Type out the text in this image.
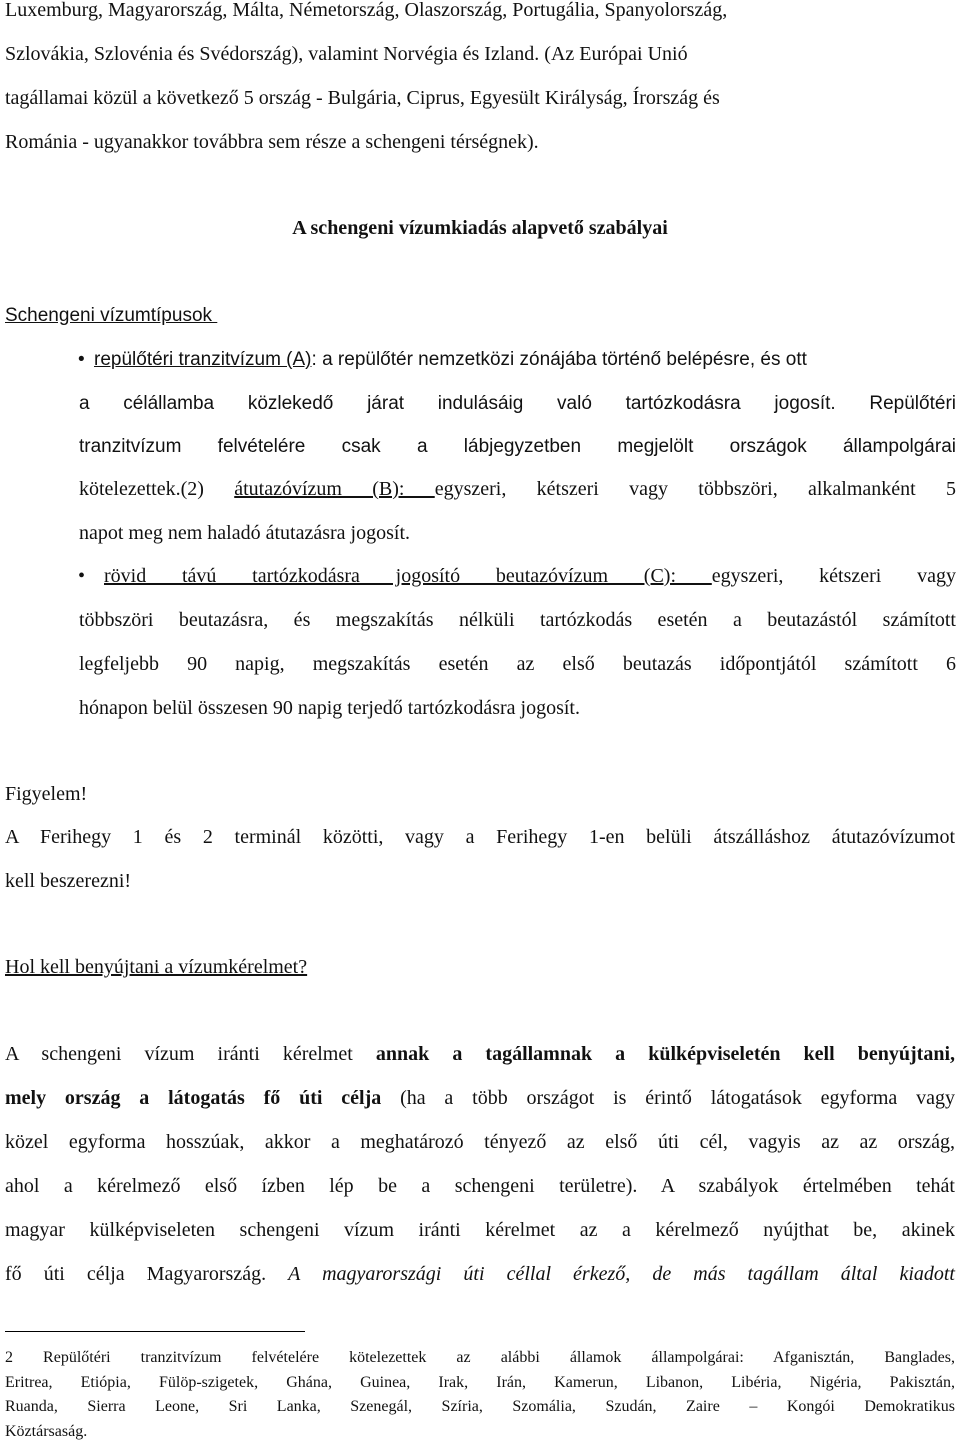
Luxemburg, Magyarország, Málta, Németország, Olaszország, Portugália, Spanyolország,

Szlovákia, Szlovénia és Svédország), valamint Norvégia és Izland. (Az Európai Unió

tagállamai közül a következő 5 ország - Bulgária, Ciprus, Egyesült Királyság, Írország és

Románia - ugyanakkor továbbra sem része a schengeni térségnek).

A schengeni vízumkiadás alapvető szabályai
Schengeni vízumtípusok
• repülőtéri tranzitvízum (A): a repülőtér nemzetközi zónájába történő belépésre, és ott
a célállamba közlekedő járat indulásáig való tartózkodásra jogosít. Repülőtéri
tranzitvízum felvételére csak a lábjegyzetben megjelölt országok állampolgárai
kötelezettek.(2) átutazóvízum (B): egyszeri, kétszeri vagy többszöri, alkalmanként 5
napot meg nem haladó átutazásra jogosít.
• rövid távú tartózkodásra jogosító beutazóvízum (C): egyszeri, kétszeri vagy

többszöri beutazásra, és megszakítás nélküli tartózkodás esetén a beutazástól számított

legfeljebb 90 napig, megszakítás esetén az első beutazás időpontjától számított 6

hónapon belül összesen 90 napig terjedő tartózkodásra jogosít.

Figyelem!

A Ferihegy 1 és 2 terminál közötti, vagy a Ferihegy 1-en belüli átszálláshoz átutazóvízumot

kell beszerezni!

Hol kell benyújtani a vízumkérelmet?

A schengeni vízum iránti kérelmet annak a tagállamnak a külképviseletén kell benyújtani,

mely ország a látogatás fő úti célja (ha a több országot is érintő látogatások egyforma vagy

közel egyforma hosszúak, akkor a meghatározó tényező az első úti cél, vagyis az az ország,

ahol a kérelmező első ízben lép be a schengeni területre). A szabályok értelmében tehát

magyar külképviseleten schengeni vízum iránti kérelmet az a kérelmező nyújthat be, akinek

fő úti célja Magyarország. A magyarországi úti céllal érkező, de más tagállam által kiadott

2 Repülőtéri tranzitvízum felvételére kötelezettek az alábbi államok állampolgárai: Afganisztán, Banglades,

Eritrea, Etiópia, Fülöp-szigetek, Ghána, Guinea, Irak, Irán, Kamerun, Libanon, Libéria, Nigéria, Pakisztán,

Ruanda, Sierra Leone, Sri Lanka, Szenegál, Szíria, Szomália, Szudán, Zaire – Kongói Demokratikus

Köztársaság.
